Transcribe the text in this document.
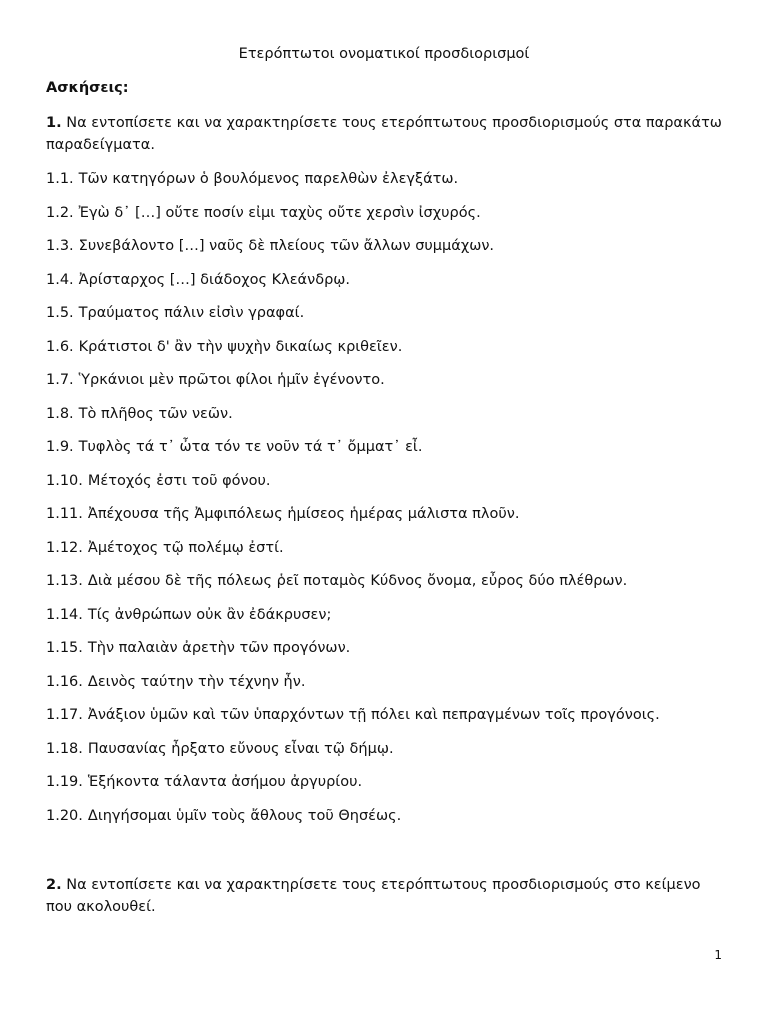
Ετερόπτωτοι ονοματικοί προσδιορισμοί
Ασκήσεις:
1. Να εντοπίσετε και να χαρακτηρίσετε τους ετερόπτωτους προσδιορισμούς στα παρακάτω παραδείγματα.
1.1. Τῶν κατηγόρων ὁ βουλόμενος παρελθὼν ἐλεγξάτω.
1.2. Ἐγὼ δ᾽ […] οὔτε ποσίν εἰμι ταχὺς οὔτε χερσὶν ἰσχυρός.
1.3. Συνεβάλοντο […] ναῦς δὲ πλείους τῶν ἄλλων συμμάχων.
1.4. Ἀρίσταρχος […] διάδοχος Κλεάνδρῳ.
1.5. Τραύματος πάλιν εἰσὶν γραφαί.
1.6. Κράτιστοι δ' ἂν τὴν ψυχὴν δικαίως κριθεῖεν.
1.7. Ὑρκάνιοι μὲν πρῶτοι φίλοι ἡμῖν ἐγένοντο.
1.8. Τὸ πλῆθος τῶν νεῶν.
1.9. Τυφλὸς τά τ᾽ ὦτα τόν τε νοῦν τά τ᾽ ὄμματ᾽ εἶ.
1.10. Μέτοχός ἐστι τοῦ φόνου.
1.11. Ἀπέχουσα τῆς Ἀμφιπόλεως ἡμίσεος ἡμέρας μάλιστα πλοῦν.
1.12. Ἀμέτοχος τῷ πολέμῳ ἐστί.
1.13. Διὰ μέσου δὲ τῆς πόλεως ῥεῖ ποταμὸς Κύδνος ὄνομα, εὖρος δύο πλέθρων.
1.14. Τίς ἀνθρώπων οὐκ ἂν ἐδάκρυσεν;
1.15. Τὴν παλαιὰν ἀρετὴν τῶν προγόνων.
1.16. Δεινὸς ταύτην τὴν τέχνην ἦν.
1.17. Ἀνάξιον ὑμῶν καὶ τῶν ὑπαρχόντων τῇ πόλει καὶ πεπραγμένων τοῖς προγόνοις.
1.18. Παυσανίας ἦρξατο εὔνους εἶναι τῷ δήμῳ.
1.19. Ἑξήκοντα τάλαντα ἀσήμου ἀργυρίου.
1.20. Διηγήσομαι ὑμῖν τοὺς ἄθλους τοῦ Θησέως.
2. Να εντοπίσετε και να χαρακτηρίσετε τους ετερόπτωτους προσδιορισμούς στο κείμενο που ακολουθεί.
1
